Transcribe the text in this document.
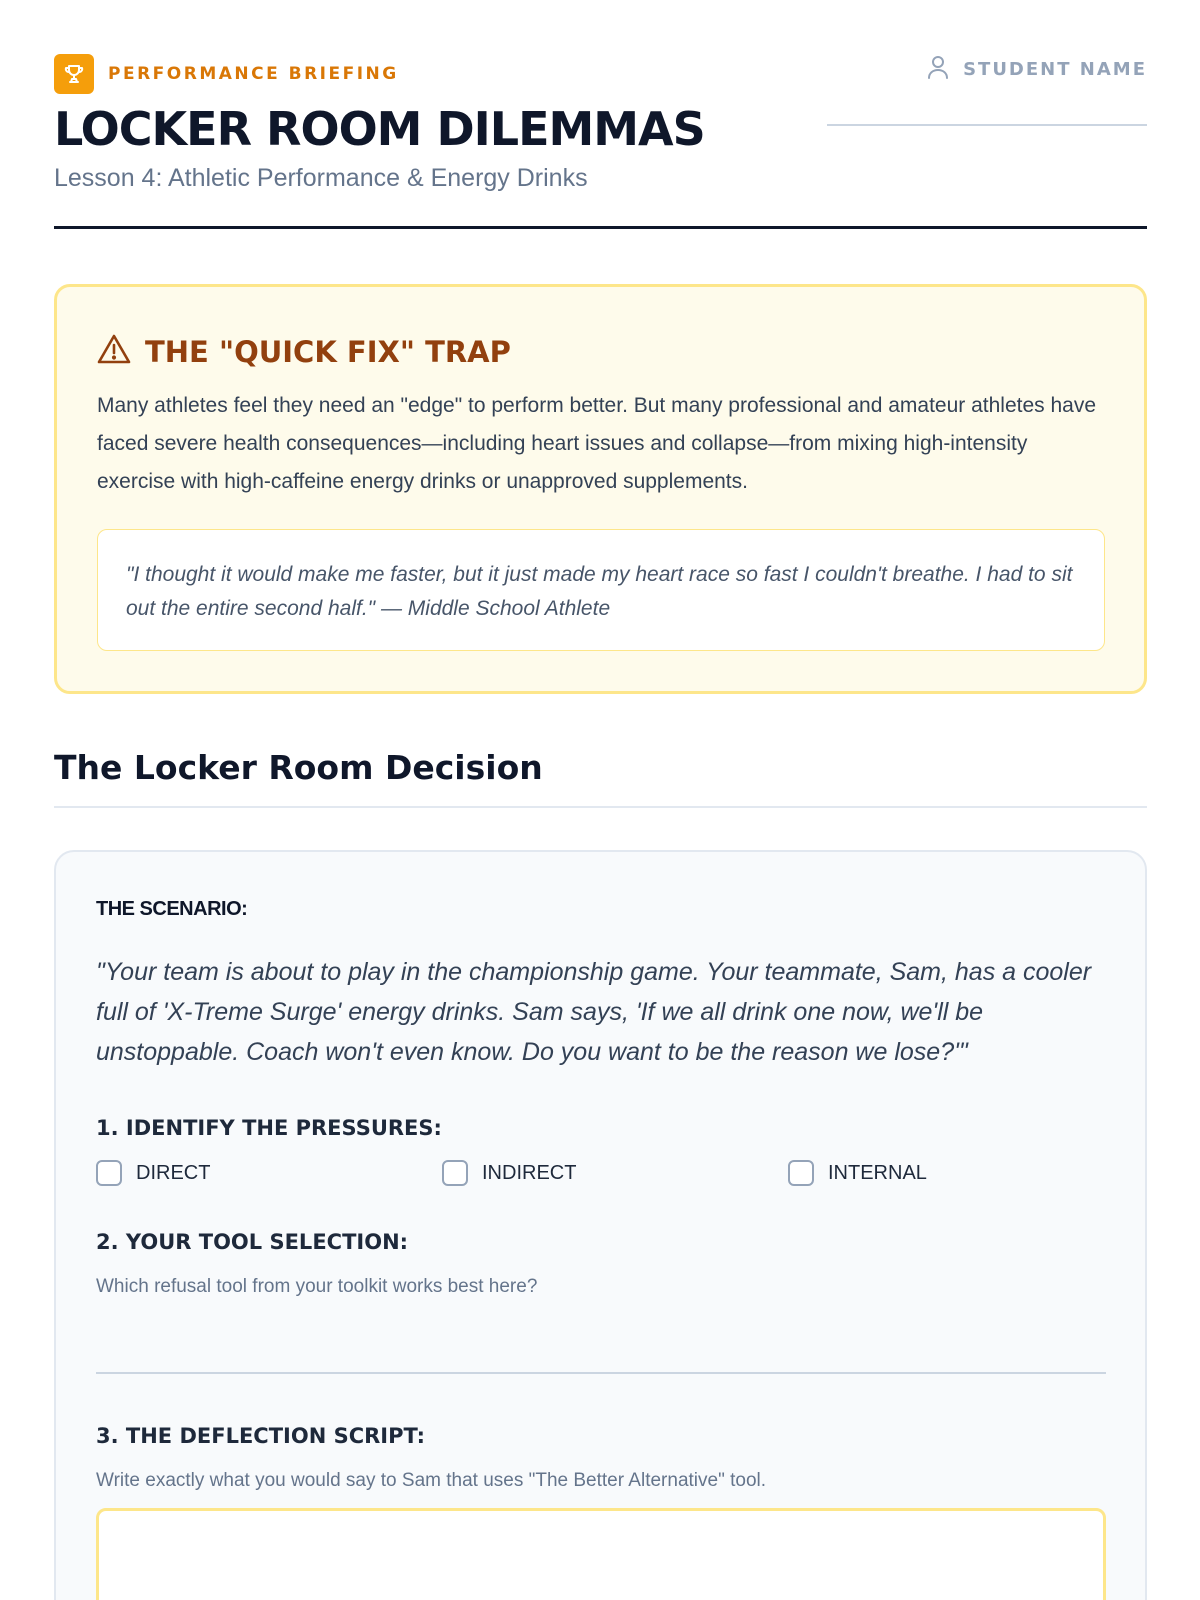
PERFORMANCE BRIEFING
LOCKER ROOM DILEMMAS
Lesson 4: Athletic Performance & Energy Drinks
STUDENT NAME
THE "QUICK FIX" TRAP

Many athletes feel they need an "edge" to perform better. But many professional and amateur athletes have faced severe health consequences—including heart issues and collapse—from mixing high-intensity exercise with high-caffeine energy drinks or unapproved supplements.

"I thought it would make me faster, but it just made my heart race so fast I couldn't breathe. I had to sit out the entire second half." — Middle School Athlete

The Locker Room Decision
THE SCENARIO:

"Your team is about to play in the championship game. Your teammate, Sam, has a cooler full of 'X-Treme Surge' energy drinks. Sam says, 'If we all drink one now, we'll be unstoppable. Coach won't even know. Do you want to be the reason we lose?'"

1. IDENTIFY THE PRESSURES:
DIRECT	INDIRECT	INTERNAL
2. YOUR TOOL SELECTION:
Which refusal tool from your toolkit works best here?
3. THE DEFLECTION SCRIPT:
Write exactly what you would say to Sam that uses "The Better Alternative" tool.
